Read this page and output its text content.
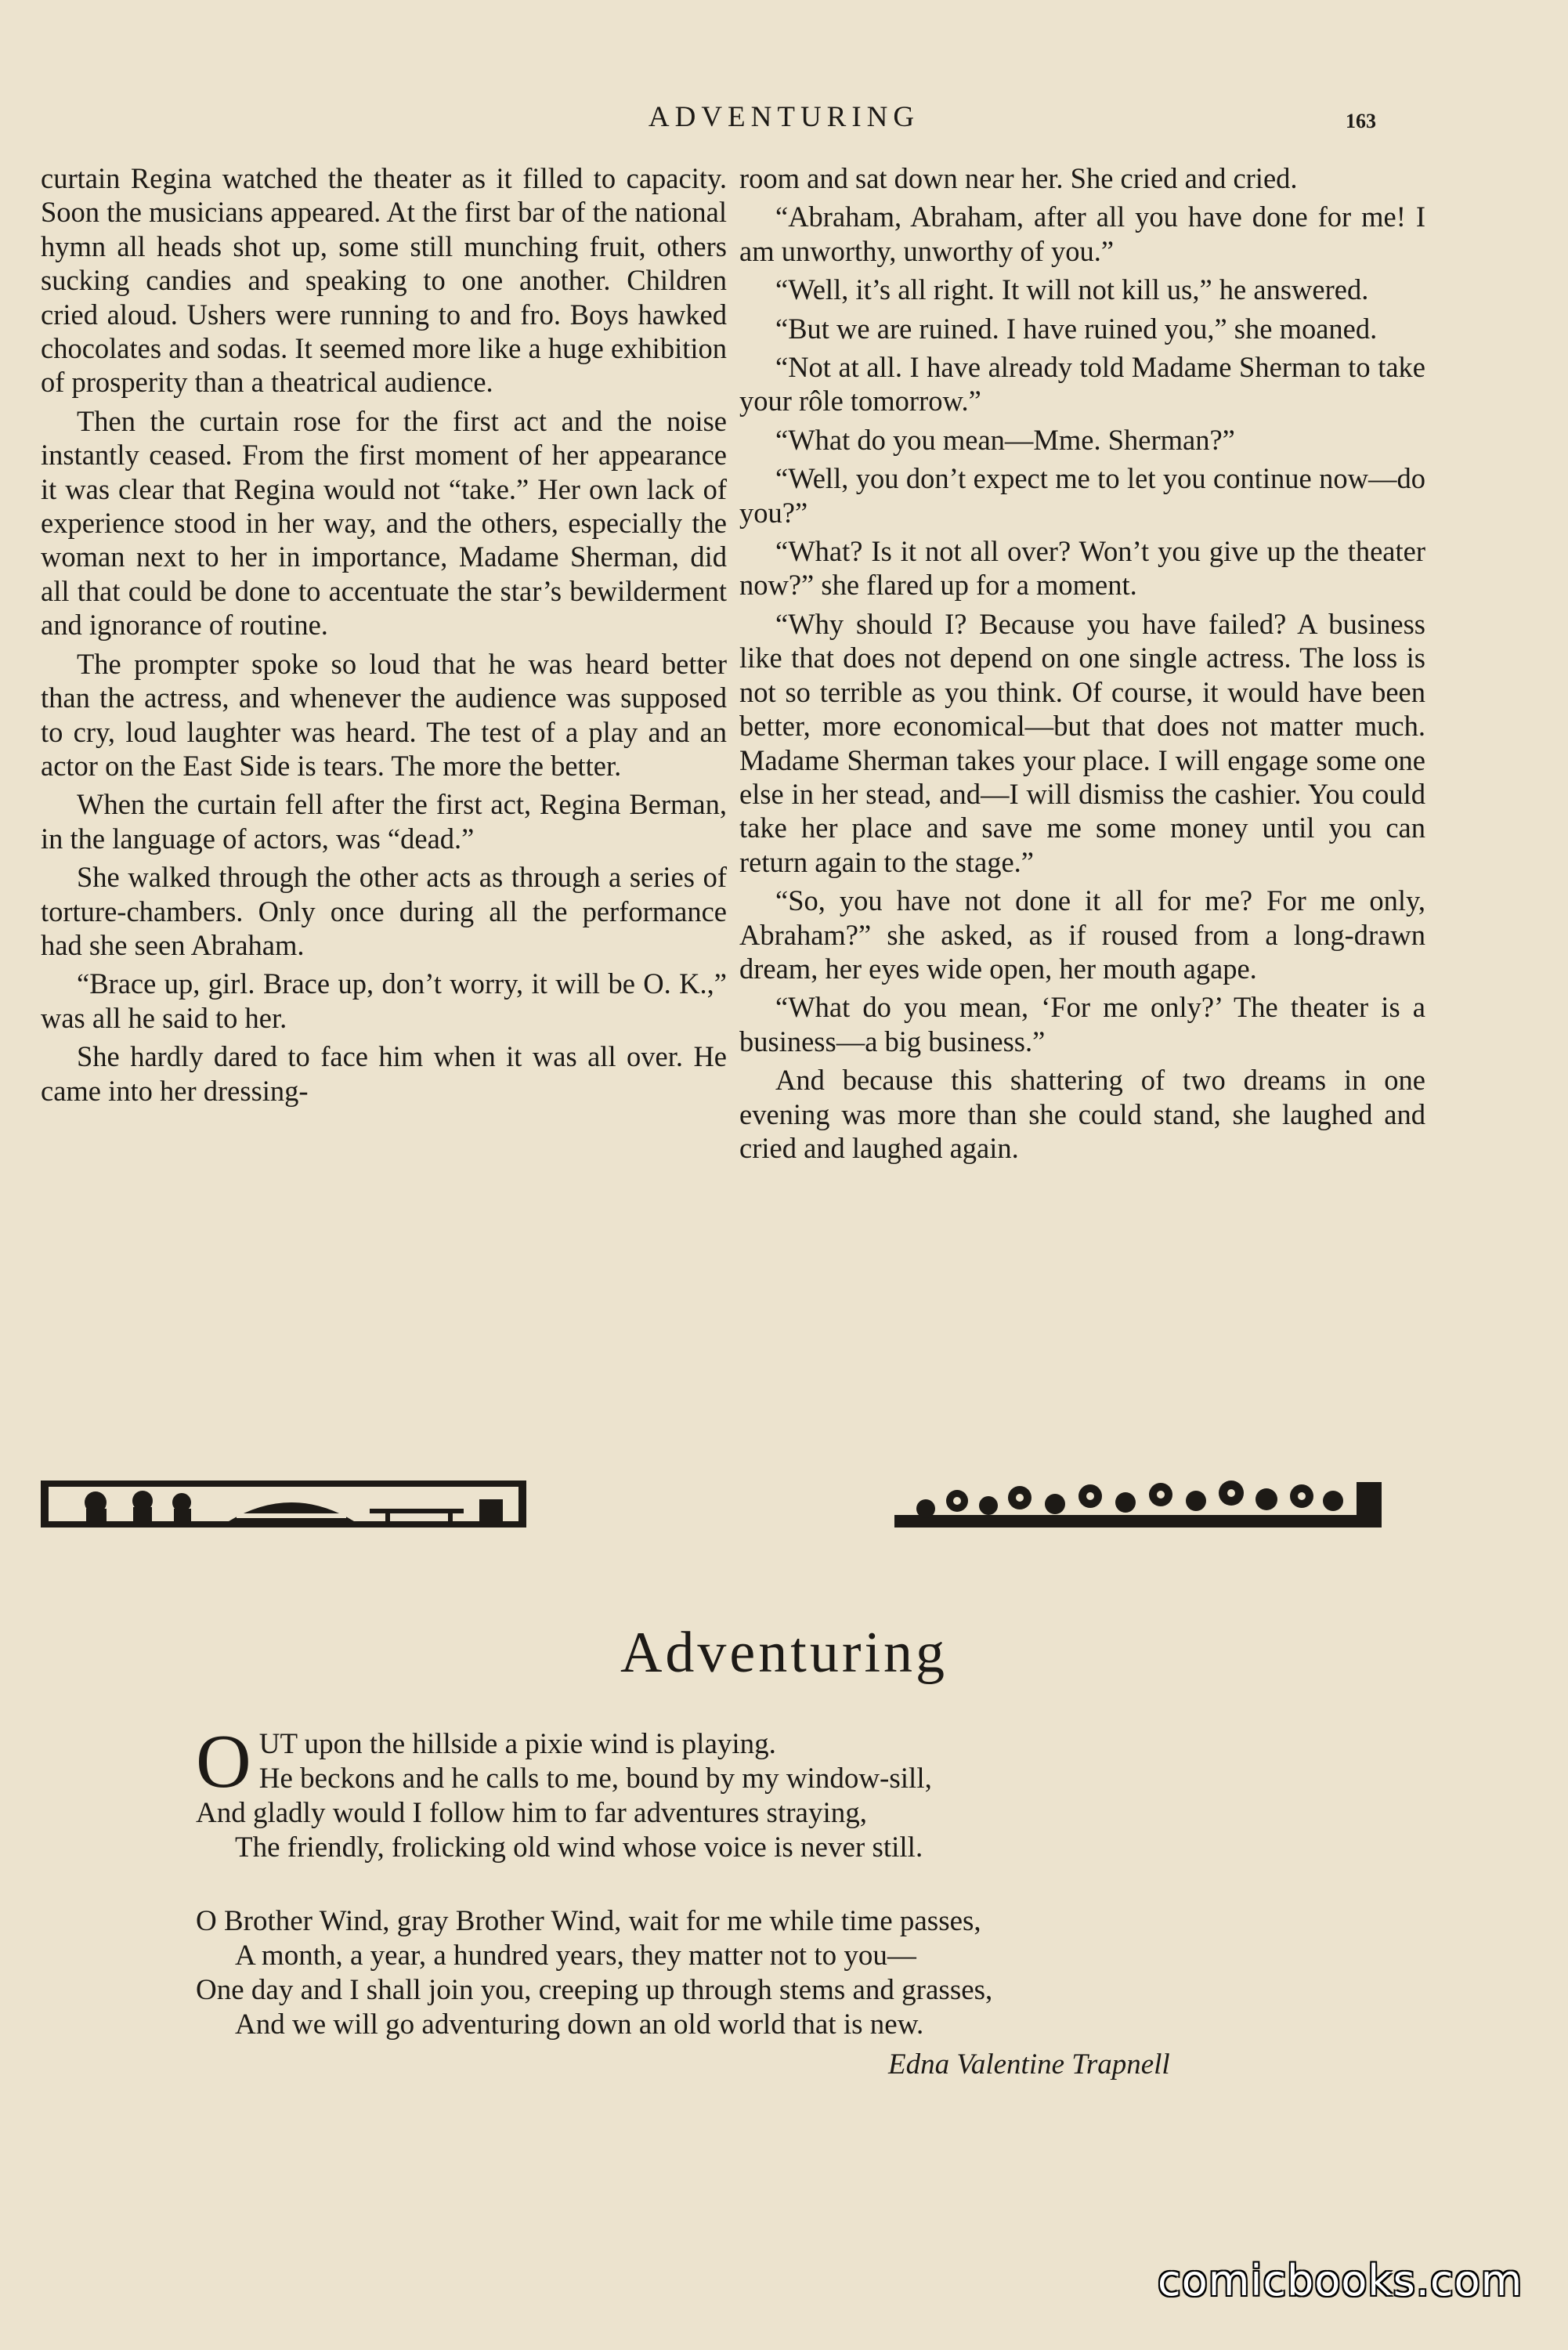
ADVENTURING	163

curtain Regina watched the theater as it filled to capacity. Soon the musicians appeared. At the first bar of the national hymn all heads shot up, some still munching fruit, others sucking candies and speaking to one another. Children cried aloud. Ushers were running to and fro. Boys hawked chocolates and sodas. It seemed more like a huge exhibition of prosperity than a theatrical audience.

Then the curtain rose for the first act and the noise instantly ceased. From the first moment of her appearance it was clear that Regina would not “take.” Her own lack of experience stood in her way, and the others, especially the woman next to her in importance, Madame Sherman, did all that could be done to accentuate the star’s bewilderment and ignorance of routine.

The prompter spoke so loud that he was heard better than the actress, and whenever the audience was supposed to cry, loud laughter was heard. The test of a play and an actor on the East Side is tears. The more the better.

When the curtain fell after the first act, Regina Berman, in the language of actors, was “dead.”

She walked through the other acts as through a series of torture-chambers. Only once during all the performance had she seen Abraham.

“Brace up, girl. Brace up, don’t worry, it will be O. K.,” was all he said to her.

She hardly dared to face him when it was all over. He came into her dressing-

room and sat down near her. She cried and cried.

“Abraham, Abraham, after all you have done for me! I am unworthy, unworthy of you.”

“Well, it’s all right. It will not kill us,” he answered.

“But we are ruined. I have ruined you,” she moaned.

“Not at all. I have already told Madame Sherman to take your rôle tomorrow.”

“What do you mean—Mme. Sherman?”

“Well, you don’t expect me to let you continue now—do you?”

“What? Is it not all over? Won’t you give up the theater now?” she flared up for a moment.

“Why should I? Because you have failed? A business like that does not depend on one single actress. The loss is not so terrible as you think. Of course, it would have been better, more economical—but that does not matter much. Madame Sherman takes your place. I will engage some one else in her stead, and—I will dismiss the cashier. You could take her place and save me some money until you can return again to the stage.”

“So, you have not done it all for me? For me only, Abraham?” she asked, as if roused from a long-drawn dream, her eyes wide open, her mouth agape.

“What do you mean, ‘For me only?’ The theater is a business—a big business.”

And because this shattering of two dreams in one evening was more than she could stand, she laughed and cried and laughed again.

Adventuring
O UT upon the hillside a pixie wind is playing.
He beckons and he calls to me, bound by my window-sill,
And gladly would I follow him to far adventures straying,
The friendly, frolicking old wind whose voice is never still.
O Brother Wind, gray Brother Wind, wait for me while time passes,
A month, a year, a hundred years, they matter not to you—
One day and I shall join you, creeping up through stems and grasses,
And we will go adventuring down an old world that is new.
Edna Valentine Trapnell
comicbooks.com
